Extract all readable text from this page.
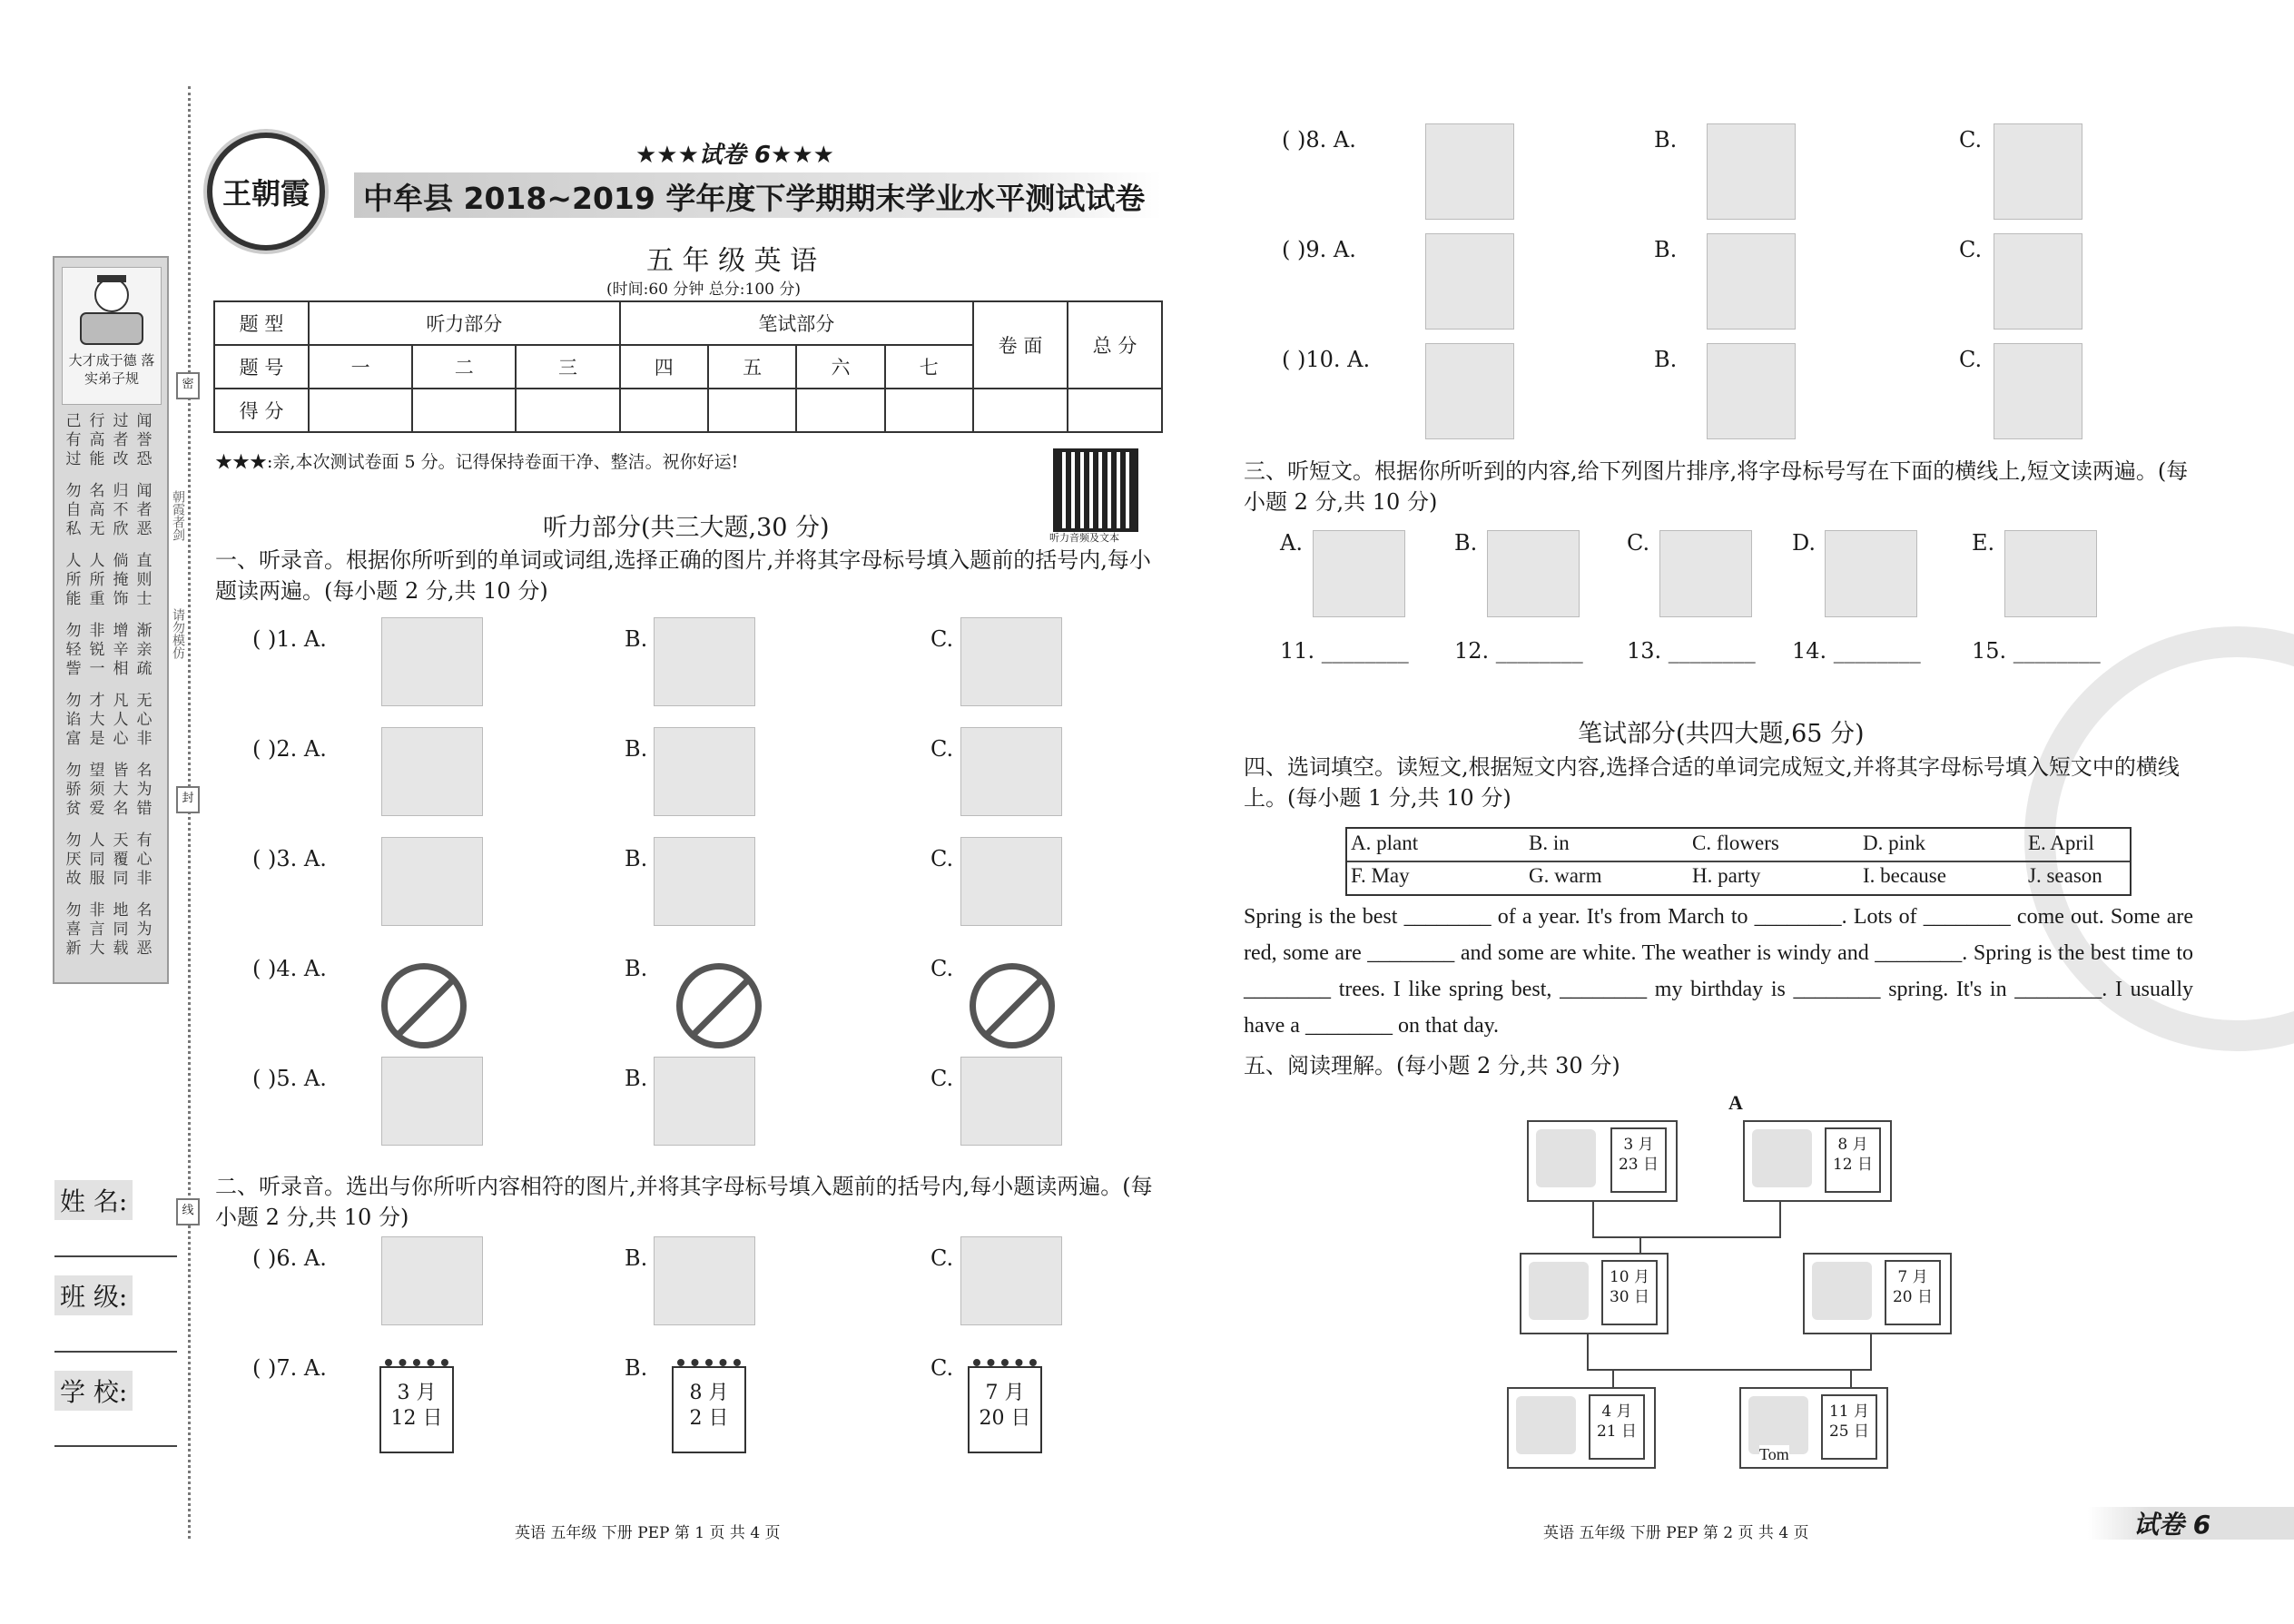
大才成于德 落实弟子规
己有过
行高能
过者改
闻誉恐
勿自私
名高无
归不欣
闻者恶
人所能
人所重
倘掩饰
直则士
勿轻訾
非锐一
增辛相
渐亲疏
勿谄富
才大是
凡人心
无心非
勿骄贫
望须爱
皆大名
名为错
勿厌故
人同服
天覆同
有心非
勿喜新
非言大
地同载
名为恶
朝霞者剑
请勿模仿
密
封
线
姓 名:
班 级:
学 校:
王朝霞
★★★试卷 6★★★
中牟县 2018~2019 学年度下学期期末学业水平测试试卷
五 年 级 英 语
(时间:60 分钟 总分:100 分)
题 型	听力部分			笔试部分				卷 面	总 分
题 号	一	二	三	四	五	六	七		
得 分									
★★★:亲,本次测试卷面 5 分。记得保持卷面干净、整洁。祝你好运!
听力音频及文本
听力部分(共三大题,30 分)
一、听录音。根据你所听到的单词或词组,选择正确的图片,并将其字母标号填入题前的括号内,每小题读两遍。(每小题 2 分,共 10 分)
二、听录音。选出与你所听内容相符的图片,并将其字母标号填入题前的括号内,每小题读两遍。(每小题 2 分,共 10 分)
三、听短文。根据你所听到的内容,给下列图片排序,将字母标号写在下面的横线上,短文读两遍。(每小题 2 分,共 10 分)
笔试部分(共四大题,65 分)
四、选词填空。读短文,根据短文内容,选择合适的单词完成短文,并将其字母标号填入短文中的横线上。(每小题 1 分,共 10 分)
Spring is the best ________ of a year. It's from March to ________. Lots of ________ come out. Some are red, some are ________ and some are white. The weather is windy and ________. Spring is the best time to ________ trees. I like spring best, ________ my birthday is ________ spring. It's in ________. I usually have a ________ on that day.
五、阅读理解。(每小题 2 分,共 30 分)
A
英语 五年级 下册 PEP 第 1 页 共 4 页	英语 五年级 下册 PEP 第 2 页 共 4 页	试卷 6
( )1. A.	B.	C.
( )2. A.	B.	C.
( )3. A.	B.	C.
( )4. A.	B.	C.
( )5. A.	B.	C.
( )6. A.	B.	C.
( )7. A.	B.	C.
3 月
12 日
8 月
2 日
7 月
20 日
( )8. A.	B.	C.
( )9. A.	B.	C.
( )10. A.	B.	C.
A.
11. ________
B.
12. ________
C.
13. ________
D.
14. ________
E.
15. ________
A. plant	B. in	C. flowers	D. pink	E. April
F. May	G. warm	H. party	I. because	J. season
3 月
23 日
8 月
12 日
10 月
30 日
7 月
20 日
4 月
21 日
11 月
25 日
Tom
